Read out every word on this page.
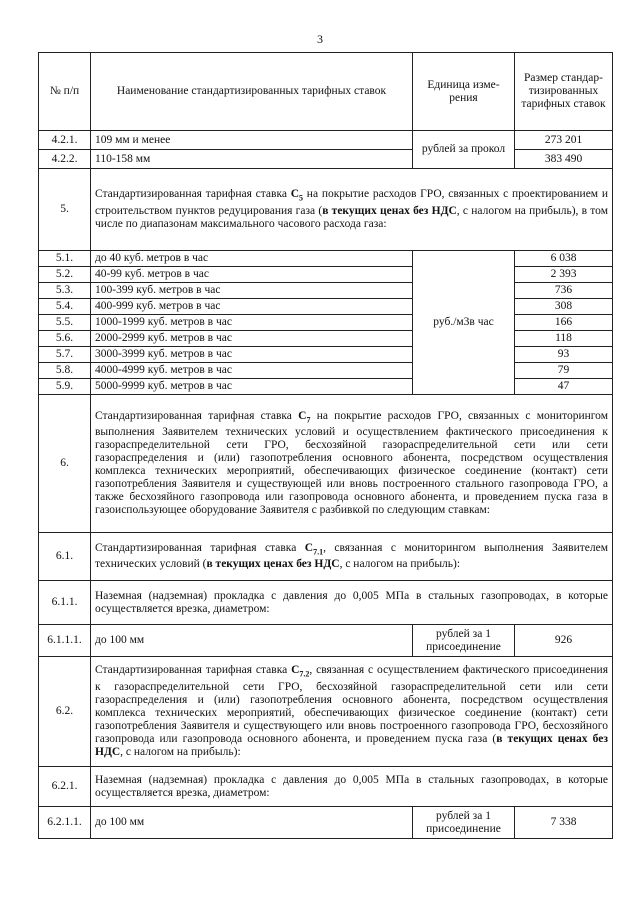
3
№ п/п	Наименование стандартизированных тарифных ставок	Единица изме-рения	Размер стандар-тизированных тарифных ставок
4.2.1.	109 мм и менее	рублей за прокол	273 201
4.2.2.	110-158 мм		383 490
5.	Стандартизированная тарифная ставка $С_5$ на покрытие расходов ГРО, связанных с проектированием и строительством пунктов редуцирования газа (в текущих ценах без НДС, с налогом на прибыль), в том числе по диапазонам максимального часового расхода газа:		
5.1.	до 40 куб. метров в час	руб./м3в час	6 038
5.2.	40-99 куб. метров в час		2 393
5.3.	100-399 куб. метров в час		736
5.4.	400-999 куб. метров в час		308
5.5.	1000-1999 куб. метров в час		166
5.6.	2000-2999 куб. метров в час		118
5.7.	3000-3999 куб. метров в час		93
5.8.	4000-4999 куб. метров в час		79
5.9.	5000-9999 куб. метров в час		47
6.	Стандартизированная тарифная ставка $С_7$ на покрытие расходов ГРО, связанных с мониторингом выполнения Заявителем технических условий и осуществлением фактического присоединения к газораспределительной сети ГРО, бесхозяйной газораспределительной сети или сети газораспределения и (или) газопотребления основного абонента, посредством осуществления комплекса технических мероприятий, обеспечивающих физическое соединение (контакт) сети газопотребления Заявителя и существующей или вновь построенного стального газопровода ГРО, а также бесхозяйного газопровода или газопровода основного абонента, и проведением пуска газа в газоиспользующее оборудование Заявителя с разбивкой по следующим ставкам:		
6.1.	Стандартизированная тарифная ставка $С_{7.1}$, связанная с мониторингом выполнения Заявителем технических условий (в текущих ценах без НДС, с налогом на прибыль):		
6.1.1.	Наземная (надземная) прокладка с давления до 0,005 МПа в стальных газопроводах, в которые осуществляется врезка, диаметром:		
6.1.1.1.	до 100 мм	рублей за 1 присоединение	926
6.2.	Стандартизированная тарифная ставка $С_{7.2}$, связанная с осуществлением фактического присоединения к газораспределительной сети ГРО, бесхозяйной газораспределительной сети или сети газораспределения и (или) газопотребления основного абонента, посредством осуществления комплекса технических мероприятий, обеспечивающих физическое соединение (контакт) сети газопотребления Заявителя и существующего или вновь построенного газопровода ГРО, бесхозяйного газопровода или газопровода основного абонента, и проведением пуска газа (в текущих ценах без НДС, с налогом на прибыль):		
6.2.1.	Наземная (надземная) прокладка с давления до 0,005 МПа в стальных газопроводах, в которые осуществляется врезка, диаметром:		
6.2.1.1.	до 100 мм	рублей за 1 присоединение	7 338
